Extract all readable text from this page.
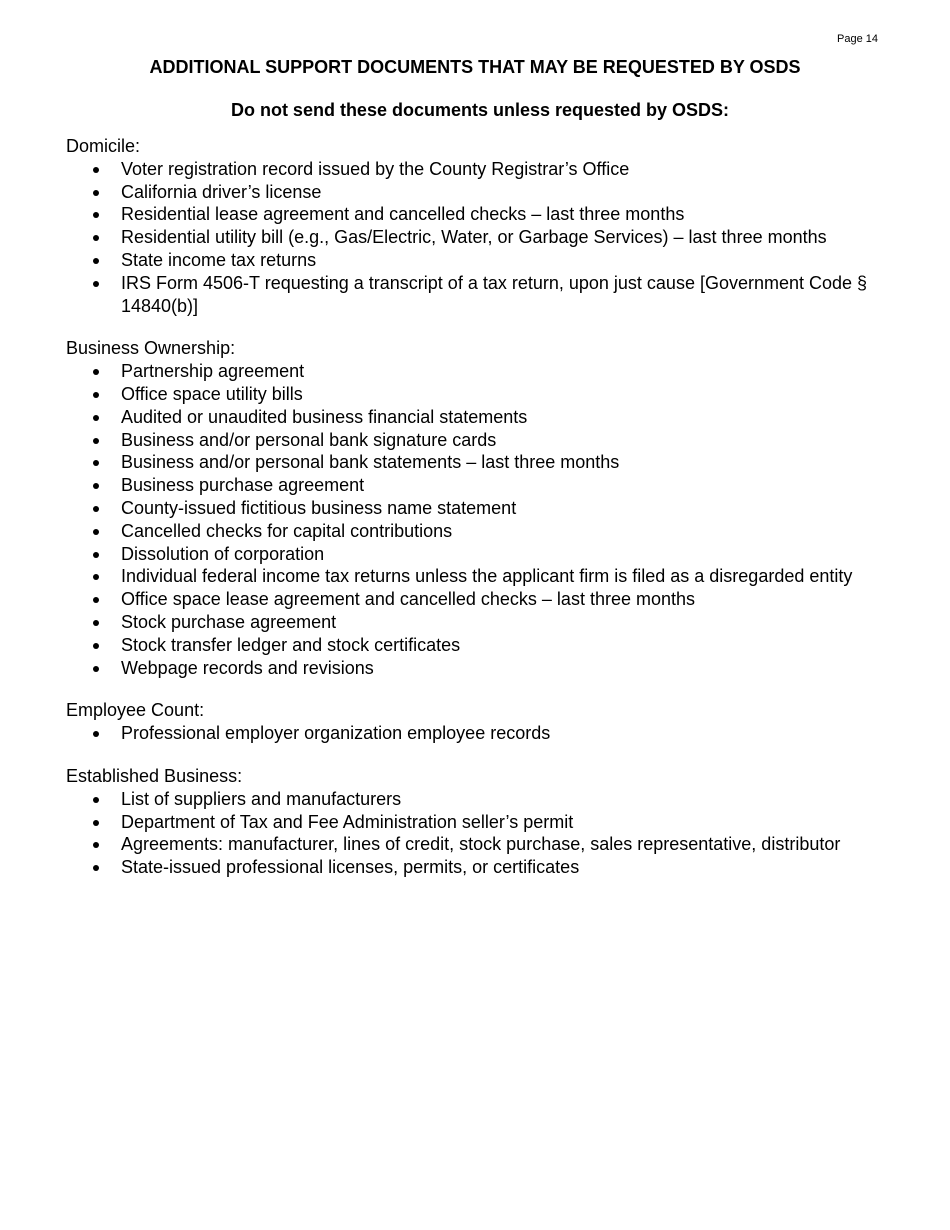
Page 14
ADDITIONAL SUPPORT DOCUMENTS THAT MAY BE REQUESTED BY OSDS
Do not send these documents unless requested by OSDS:

Domicile:

Voter registration record issued by the County Registrar’s Office
California driver’s license
Residential lease agreement and cancelled checks – last three months
Residential utility bill (e.g., Gas/Electric, Water, or Garbage Services) – last three months
State income tax returns
IRS Form 4506-T requesting a transcript of a tax return, upon just cause [Government Code § 14840(b)]

Business Ownership:

Partnership agreement
Office space utility bills
Audited or unaudited business financial statements
Business and/or personal bank signature cards
Business and/or personal bank statements – last three months
Business purchase agreement
County-issued fictitious business name statement
Cancelled checks for capital contributions
Dissolution of corporation
Individual federal income tax returns unless the applicant firm is filed as a disregarded entity
Office space lease agreement and cancelled checks – last three months
Stock purchase agreement
Stock transfer ledger and stock certificates
Webpage records and revisions

Employee Count:

Professional employer organization employee records

Established Business:

List of suppliers and manufacturers
Department of Tax and Fee Administration seller’s permit
Agreements: manufacturer, lines of credit, stock purchase, sales representative, distributor
State-issued professional licenses, permits, or certificates
